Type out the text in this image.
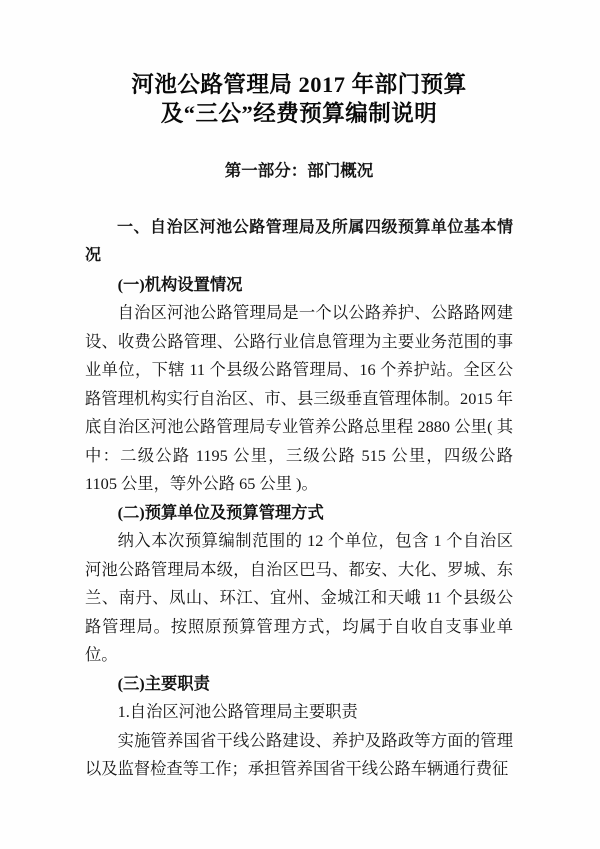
河池公路管理局 2017 年部门预算
及“三公”经费预算编制说明
第一部分：部门概况
一、自治区河池公路管理局及所属四级预算单位基本情况
(一)机构设置情况

自治区河池公路管理局是一个以公路养护、公路路网建设、收费公路管理、公路行业信息管理为主要业务范围的事业单位，下辖 11 个县级公路管理局、16 个养护站。全区公路管理机构实行自治区、市、县三级垂直管理体制。2015 年底自治区河池公路管理局专业管养公路总里程 2880 公里( 其中：二级公路 1195 公里，三级公路 515 公里，四级公路 1105 公里，等外公路 65 公里 )。

(二)预算单位及预算管理方式

纳入本次预算编制范围的 12 个单位，包含 1 个自治区河池公路管理局本级，自治区巴马、都安、大化、罗城、东兰、南丹、凤山、环江、宜州、金城江和天峨 11 个县级公路管理局。按照原预算管理方式，均属于自收自支事业单位。

(三)主要职责

1.自治区河池公路管理局主要职责

实施管养国省干线公路建设、养护及路政等方面的管理以及监督检查等工作；承担管养国省干线公路车辆通行费征
